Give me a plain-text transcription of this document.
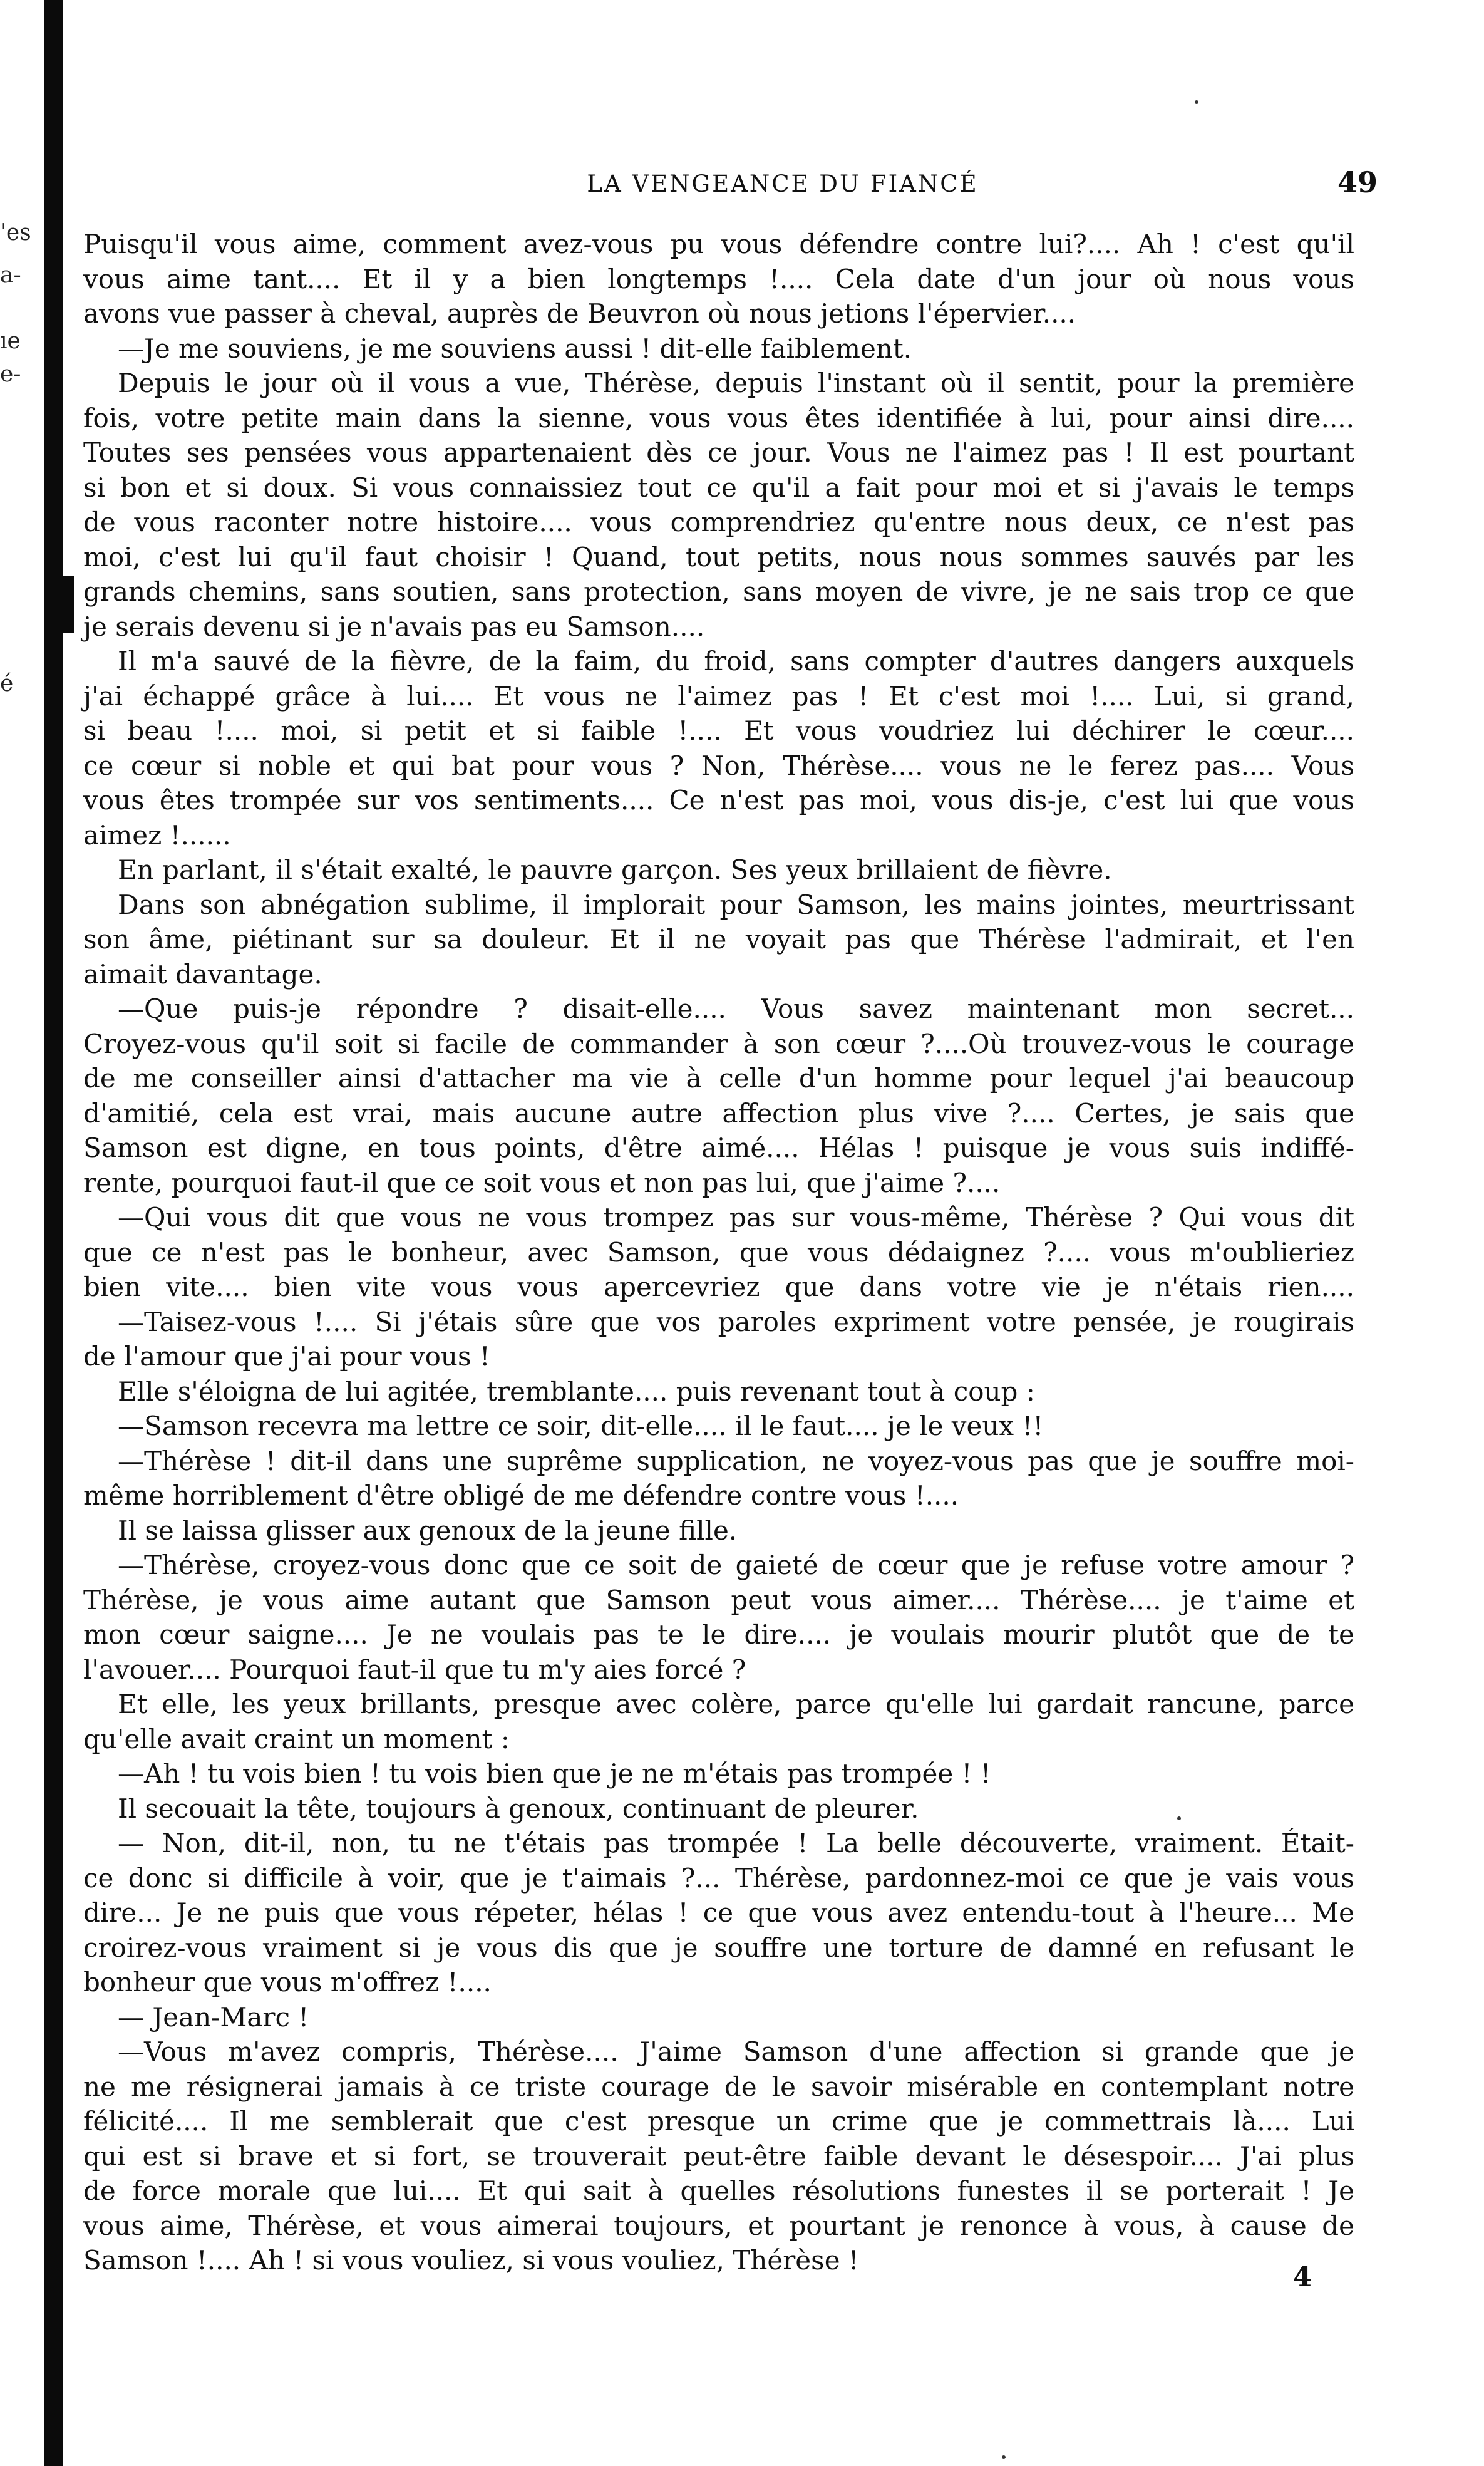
'es
a-
ıe
e-
é
LA VENGEANCE DU FIANCÉ	49
Puisqu'il vous aime, comment avez-vous pu vous défendre contre lui?.... Ah ! c'est qu'il
vous aime tant.... Et il y a bien longtemps !.... Cela date d'un jour où nous vous
avons vue passer à cheval, auprès de Beuvron où nous jetions l'épervier....
—Je me souviens, je me souviens aussi ! dit-elle faiblement.
Depuis le jour où il vous a vue, Thérèse, depuis l'instant où il sentit, pour la première
fois, votre petite main dans la sienne, vous vous êtes identifiée à lui, pour ainsi dire....
Toutes ses pensées vous appartenaient dès ce jour. Vous ne l'aimez pas ! Il est pourtant
si bon et si doux. Si vous connaissiez tout ce qu'il a fait pour moi et si j'avais le temps
de vous raconter notre histoire.... vous comprendriez qu'entre nous deux, ce n'est pas
moi, c'est lui qu'il faut choisir ! Quand, tout petits, nous nous sommes sauvés par les
grands chemins, sans soutien, sans protection, sans moyen de vivre, je ne sais trop ce que
je serais devenu si je n'avais pas eu Samson....
Il m'a sauvé de la fièvre, de la faim, du froid, sans compter d'autres dangers auxquels
j'ai échappé grâce à lui.... Et vous ne l'aimez pas ! Et c'est moi !.... Lui, si grand,
si beau !.... moi, si petit et si faible !.... Et vous voudriez lui déchirer le cœur....
ce cœur si noble et qui bat pour vous ? Non, Thérèse.... vous ne le ferez pas.... Vous
vous êtes trompée sur vos sentiments.... Ce n'est pas moi, vous dis-je, c'est lui que vous
aimez !......
En parlant, il s'était exalté, le pauvre garçon. Ses yeux brillaient de fièvre.
Dans son abnégation sublime, il implorait pour Samson, les mains jointes, meurtrissant
son âme, piétinant sur sa douleur. Et il ne voyait pas que Thérèse l'admirait, et l'en
aimait davantage.
—Que puis-je répondre ? disait-elle.... Vous savez maintenant mon secret...
Croyez-vous qu'il soit si facile de commander à son cœur ?....Où trouvez-vous le courage
de me conseiller ainsi d'attacher ma vie à celle d'un homme pour lequel j'ai beaucoup
d'amitié, cela est vrai, mais aucune autre affection plus vive ?.... Certes, je sais que
Samson est digne, en tous points, d'être aimé.... Hélas ! puisque je vous suis indiffé-
rente, pourquoi faut-il que ce soit vous et non pas lui, que j'aime ?....
—Qui vous dit que vous ne vous trompez pas sur vous-même, Thérèse ? Qui vous dit
que ce n'est pas le bonheur, avec Samson, que vous dédaignez ?.... vous m'oublieriez
bien vite.... bien vite vous vous apercevriez que dans votre vie je n'étais rien....
—Taisez-vous !.... Si j'étais sûre que vos paroles expriment votre pensée, je rougirais
de l'amour que j'ai pour vous !
Elle s'éloigna de lui agitée, tremblante.... puis revenant tout à coup :
—Samson recevra ma lettre ce soir, dit-elle.... il le faut.... je le veux !!
—Thérèse ! dit-il dans une suprême supplication, ne voyez-vous pas que je souffre moi-
même horriblement d'être obligé de me défendre contre vous !....
Il se laissa glisser aux genoux de la jeune fille.
—Thérèse, croyez-vous donc que ce soit de gaieté de cœur que je refuse votre amour ?
Thérèse, je vous aime autant que Samson peut vous aimer.... Thérèse.... je t'aime et
mon cœur saigne.... Je ne voulais pas te le dire.... je voulais mourir plutôt que de te
l'avouer.... Pourquoi faut-il que tu m'y aies forcé ?
Et elle, les yeux brillants, presque avec colère, parce qu'elle lui gardait rancune, parce
qu'elle avait craint un moment :
—Ah ! tu vois bien ! tu vois bien que je ne m'étais pas trompée ! !
Il secouait la tête, toujours à genoux, continuant de pleurer.
— Non, dit-il, non, tu ne t'étais pas trompée ! La belle découverte, vraiment. Était-
ce donc si difficile à voir, que je t'aimais ?... Thérèse, pardonnez-moi ce que je vais vous
dire... Je ne puis que vous répeter, hélas ! ce que vous avez entendu-tout à l'heure... Me
croirez-vous vraiment si je vous dis que je souffre une torture de damné en refusant le
bonheur que vous m'offrez !....
— Jean-Marc !
—Vous m'avez compris, Thérèse.... J'aime Samson d'une affection si grande que je
ne me résignerai jamais à ce triste courage de le savoir misérable en contemplant notre
félicité.... Il me semblerait que c'est presque un crime que je commettrais là.... Lui
qui est si brave et si fort, se trouverait peut-être faible devant le désespoir.... J'ai plus
de force morale que lui.... Et qui sait à quelles résolutions funestes il se porterait ! Je
vous aime, Thérèse, et vous aimerai toujours, et pourtant je renonce à vous, à cause de
Samson !.... Ah ! si vous vouliez, si vous vouliez, Thérèse !
4
